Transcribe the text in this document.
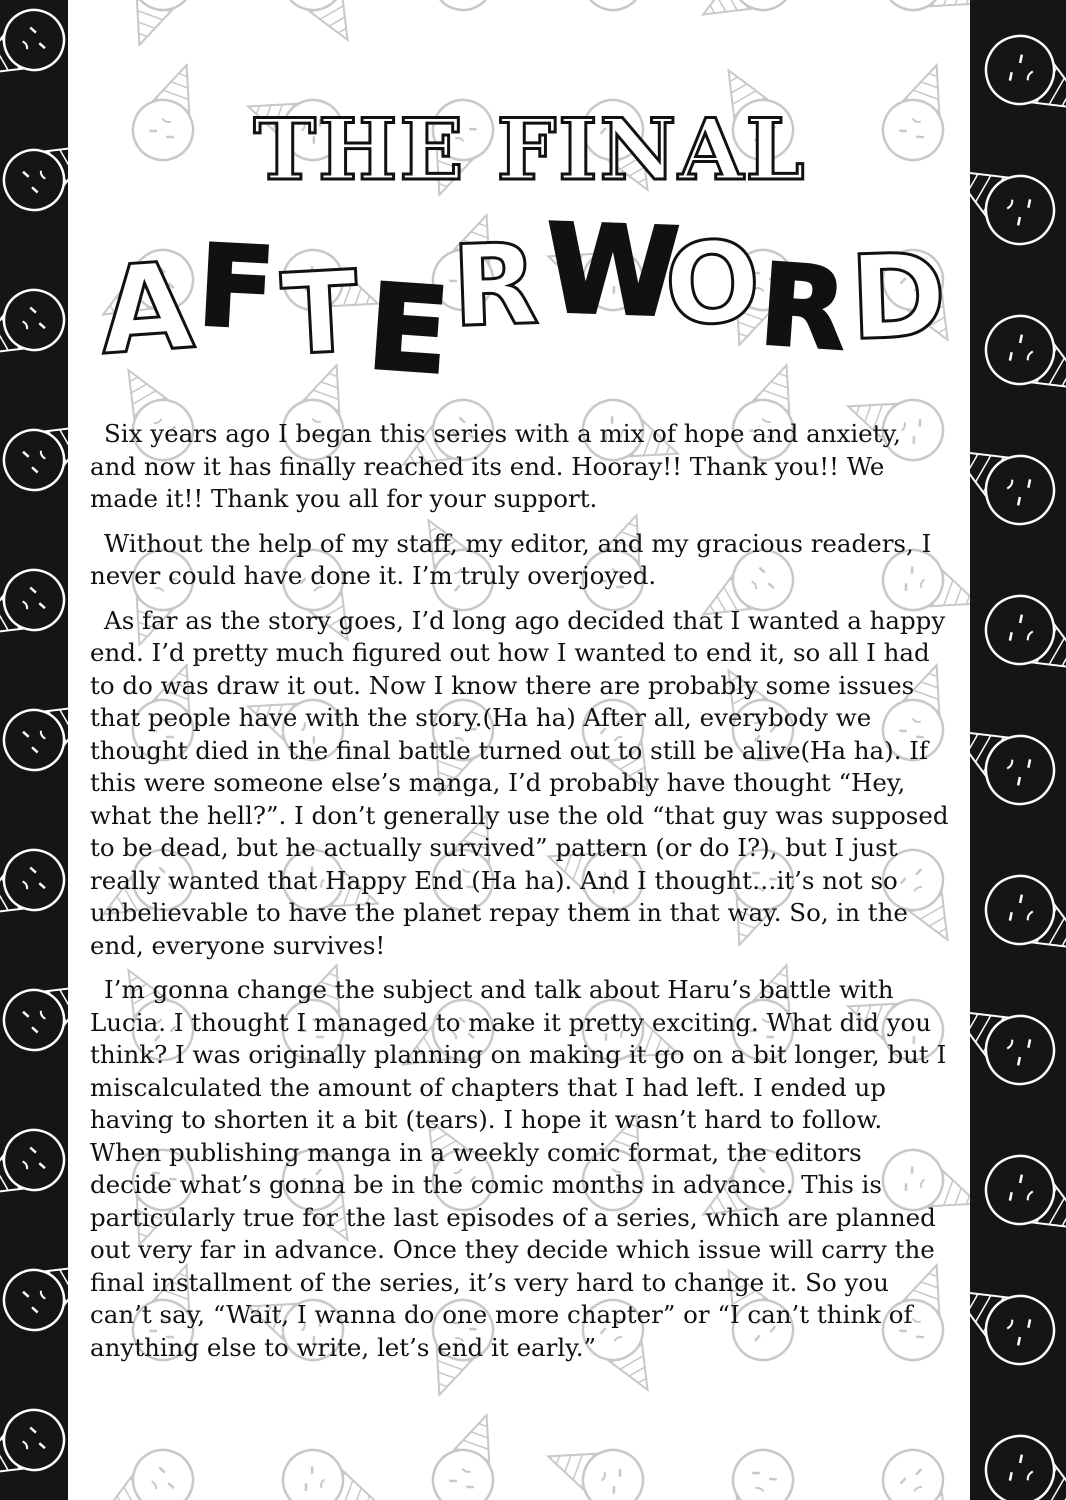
THE FINAL
A
F T E
R W
O
R
D

Six years ago I began this series with a mix of hope and anxiety, and now it has finally reached its end. Hooray!! Thank you!! We made it!! Thank you all for your support.

Without the help of my staff, my editor, and my gracious readers, I never could have done it. I’m truly overjoyed.

As far as the story goes, I’d long ago decided that I wanted a happy end. I’d pretty much figured out how I wanted to end it, so all I had to do was draw it out. Now I know there are probably some issues that people have with the story.(Ha ha) After all, everybody we thought died in the final battle turned out to still be alive(Ha ha). If this were someone else’s manga, I’d probably have thought “Hey, what the hell?”. I don’t generally use the old “that guy was supposed to be dead, but he actually survived” pattern (or do I?), but I just really wanted that Happy End (Ha ha). And I thought…it’s not so unbelievable to have the planet repay them in that way. So, in the end, everyone survives!

I’m gonna change the subject and talk about Haru’s battle with Lucia. I thought I managed to make it pretty exciting. What did you think? I was originally planning on making it go on a bit longer, but I miscalculated the amount of chapters that I had left. I ended up having to shorten it a bit (tears). I hope it wasn’t hard to follow. When publishing manga in a weekly comic format, the editors decide what’s gonna be in the comic months in advance. This is particularly true for the last episodes of a series, which are planned out very far in advance. Once they decide which issue will carry the final installment of the series, it’s very hard to change it. So you can’t say, “Wait, I wanna do one more chapter” or “I can’t think of anything else to write, let’s end it early.”
